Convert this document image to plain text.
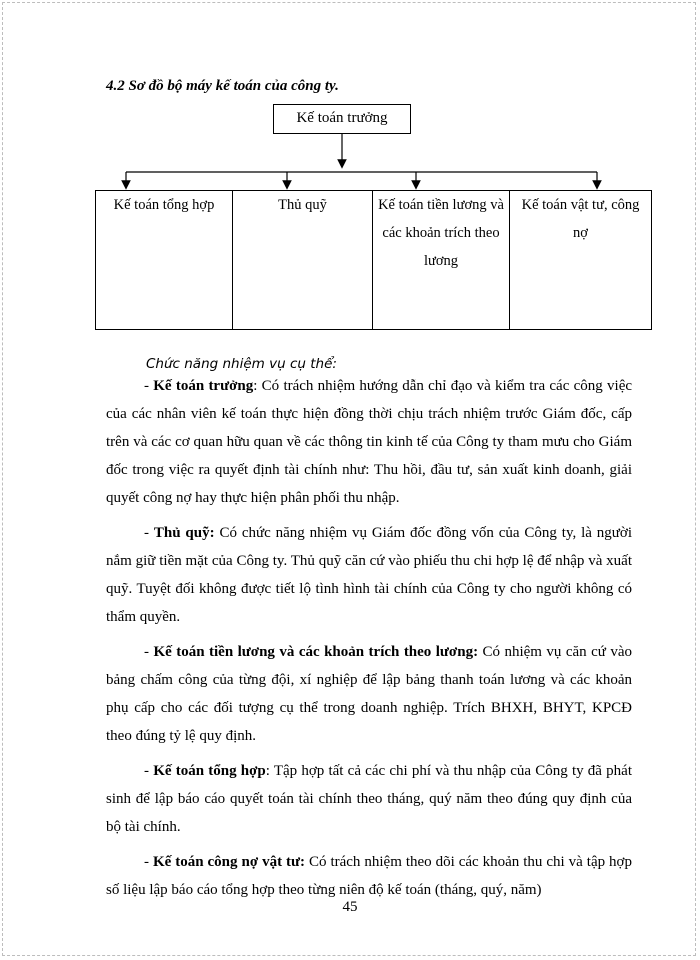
4.2 Sơ đồ bộ máy kế toán của công ty.
Kế toán trưởng
Kế toán tổng hợp	Thủ quỹ	Kế toán tiền lương và các khoản trích theo lương	Kế toán vật tư, công nợ
Chức năng nhiệm vụ cụ thể:

- Kế toán trưởng: Có trách nhiệm hướng dẫn chỉ đạo và kiểm tra các công việc của các nhân viên kế toán thực hiện đồng thời chịu trách nhiệm trước Giám đốc, cấp trên và các cơ quan hữu quan về các thông tin kinh tế của Công ty tham mưu cho Giám đốc trong việc ra quyết định tài chính như: Thu hồi, đầu tư, sản xuất kinh doanh, giải quyết công nợ hay thực hiện phân phối thu nhập.

- Thủ quỹ: Có chức năng nhiệm vụ Giám đốc đồng vốn của Công ty, là người nắm giữ tiền mặt của Công ty. Thủ quỹ căn cứ vào phiếu thu chi hợp lệ để nhập và xuất quỹ. Tuyệt đối không được tiết lộ tình hình tài chính của Công ty cho người không có thẩm quyền.

- Kế toán tiền lương và các khoản trích theo lương: Có nhiệm vụ căn cứ vào bảng chấm công của từng đội, xí nghiệp để lập bảng thanh toán lương và các khoản phụ cấp cho các đối tượng cụ thể trong doanh nghiệp. Trích BHXH, BHYT, KPCĐ theo đúng tỷ lệ quy định.

- Kế toán tổng hợp: Tập hợp tất cả các chi phí và thu nhập của Công ty đã phát sinh để lập báo cáo quyết toán tài chính theo tháng, quý năm theo đúng quy định của bộ tài chính.

- Kế toán công nợ vật tư: Có trách nhiệm theo dõi các khoản thu chi và tập hợp số liệu lập báo cáo tổng hợp theo từng niên độ kế toán (tháng, quý, năm)

45
